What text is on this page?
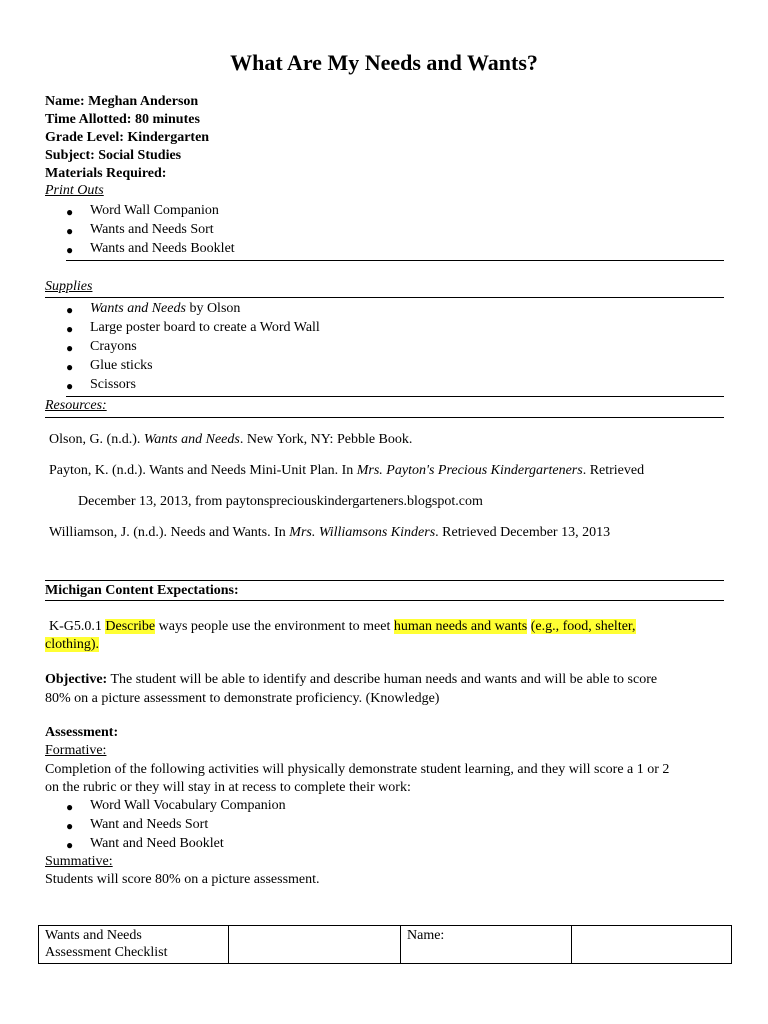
What Are My Needs and Wants?
Name: Meghan Anderson
Time Allotted: 80 minutes
Grade Level: Kindergarten
Subject: Social Studies
Materials Required:
Print Outs
● Word Wall Companion
● Wants and Needs Sort
● Wants and Needs Booklet
Supplies
● Wants and Needs by Olson
● Large poster board to create a Word Wall
● Crayons
● Glue sticks
● Scissors
Resources:
Olson, G. (n.d.). Wants and Needs. New York, NY: Pebble Book.
Payton, K. (n.d.). Wants and Needs Mini-Unit Plan. In Mrs. Payton's Precious Kindergarteners. Retrieved
December 13, 2013, from paytonspreciouskindergarteners.blogspot.com
Williamson, J. (n.d.). Needs and Wants. In Mrs. Williamsons Kinders. Retrieved December 13, 2013
Michigan Content Expectations:
K-G5.0.1 Describe ways people use the environment to meet human needs and wants (e.g., food, shelter,
clothing).
Objective: The student will be able to identify and describe human needs and wants and will be able to score
80% on a picture assessment to demonstrate proficiency. (Knowledge)
Assessment:
Formative:
Completion of the following activities will physically demonstrate student learning, and they will score a 1 or 2
on the rubric or they will stay in at recess to complete their work:
● Word Wall Vocabulary Companion
● Want and Needs Sort
● Want and Need Booklet
Summative:
Students will score 80% on a picture assessment.
Wants and Needs
Assessment Checklist		Name:	
